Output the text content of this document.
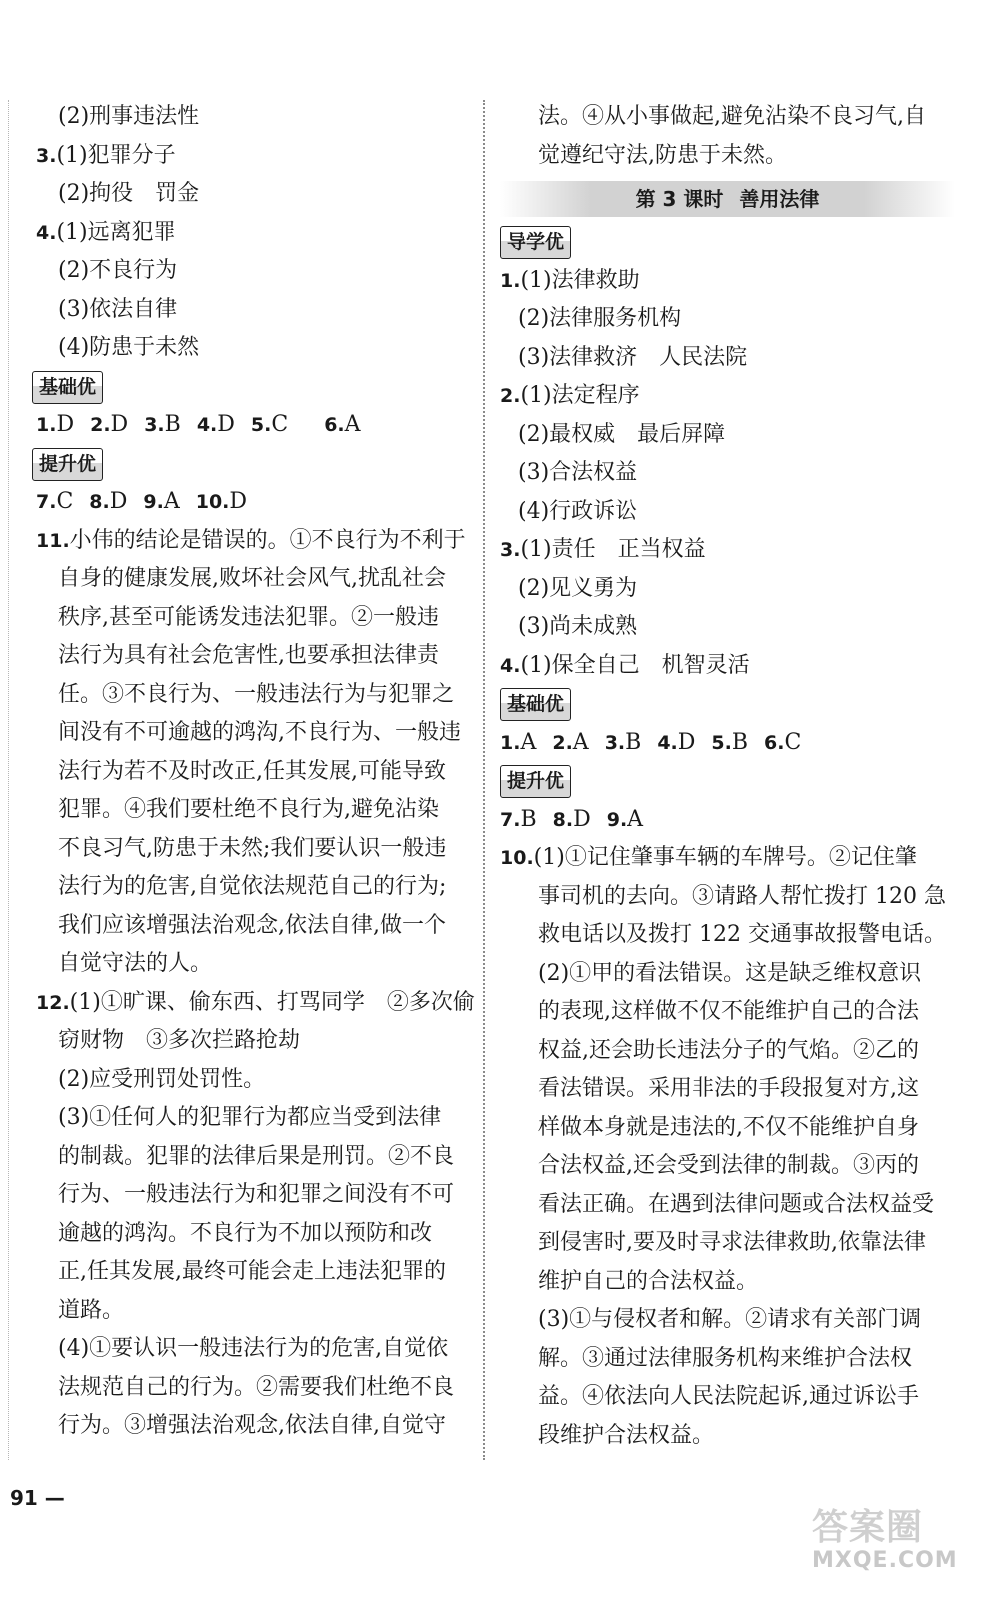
(2)刑事违法性
3.(1)犯罪分子
(2)拘役　罚金
4.(1)远离犯罪
(2)不良行为
(3)依法自律
(4)防患于未然
基础优
1.D 2.D 3.B 4.D 5.C 6.A
提升优
7.C 8.D 9.A 10.D
11.小伟的结论是错误的。①不良行为不利于
自身的健康发展,败坏社会风气,扰乱社会
秩序,甚至可能诱发违法犯罪。②一般违
法行为具有社会危害性,也要承担法律责
任。③不良行为、一般违法行为与犯罪之
间没有不可逾越的鸿沟,不良行为、一般违
法行为若不及时改正,任其发展,可能导致
犯罪。④我们要杜绝不良行为,避免沾染
不良习气,防患于未然;我们要认识一般违
法行为的危害,自觉依法规范自己的行为;
我们应该增强法治观念,依法自律,做一个
自觉守法的人。
12.(1)①旷课、偷东西、打骂同学　②多次偷
窃财物　③多次拦路抢劫
(2)应受刑罚处罚性。
(3)①任何人的犯罪行为都应当受到法律
的制裁。犯罪的法律后果是刑罚。②不良
行为、一般违法行为和犯罪之间没有不可
逾越的鸿沟。不良行为不加以预防和改
正,任其发展,最终可能会走上违法犯罪的
道路。
(4)①要认识一般违法行为的危害,自觉依
法规范自己的行为。②需要我们杜绝不良
行为。③增强法治观念,依法自律,自觉守
法。④从小事做起,避免沾染不良习气,自
觉遵纪守法,防患于未然。
第 3 课时 善用法律
导学优
1.(1)法律救助
(2)法律服务机构
(3)法律救济　人民法院
2.(1)法定程序
(2)最权威　最后屏障
(3)合法权益
(4)行政诉讼
3.(1)责任　正当权益
(2)见义勇为
(3)尚未成熟
4.(1)保全自己　机智灵活
基础优
1.A 2.A 3.B 4.D 5.B 6.C
提升优
7.B 8.D 9.A
10.(1)①记住肇事车辆的车牌号。②记住肇
事司机的去向。③请路人帮忙拨打 120 急
救电话以及拨打 122 交通事故报警电话。
(2)①甲的看法错误。这是缺乏维权意识
的表现,这样做不仅不能维护自己的合法
权益,还会助长违法分子的气焰。②乙的
看法错误。采用非法的手段报复对方,这
样做本身就是违法的,不仅不能维护自身
合法权益,还会受到法律的制裁。③丙的
看法正确。在遇到法律问题或合法权益受
到侵害时,要及时寻求法律救助,依靠法律
维护自己的合法权益。
(3)①与侵权者和解。②请求有关部门调
解。③通过法律服务机构来维护合法权
益。④依法向人民法院起诉,通过诉讼手
段维护合法权益。
91 —
答案圈
MXQE.COM
